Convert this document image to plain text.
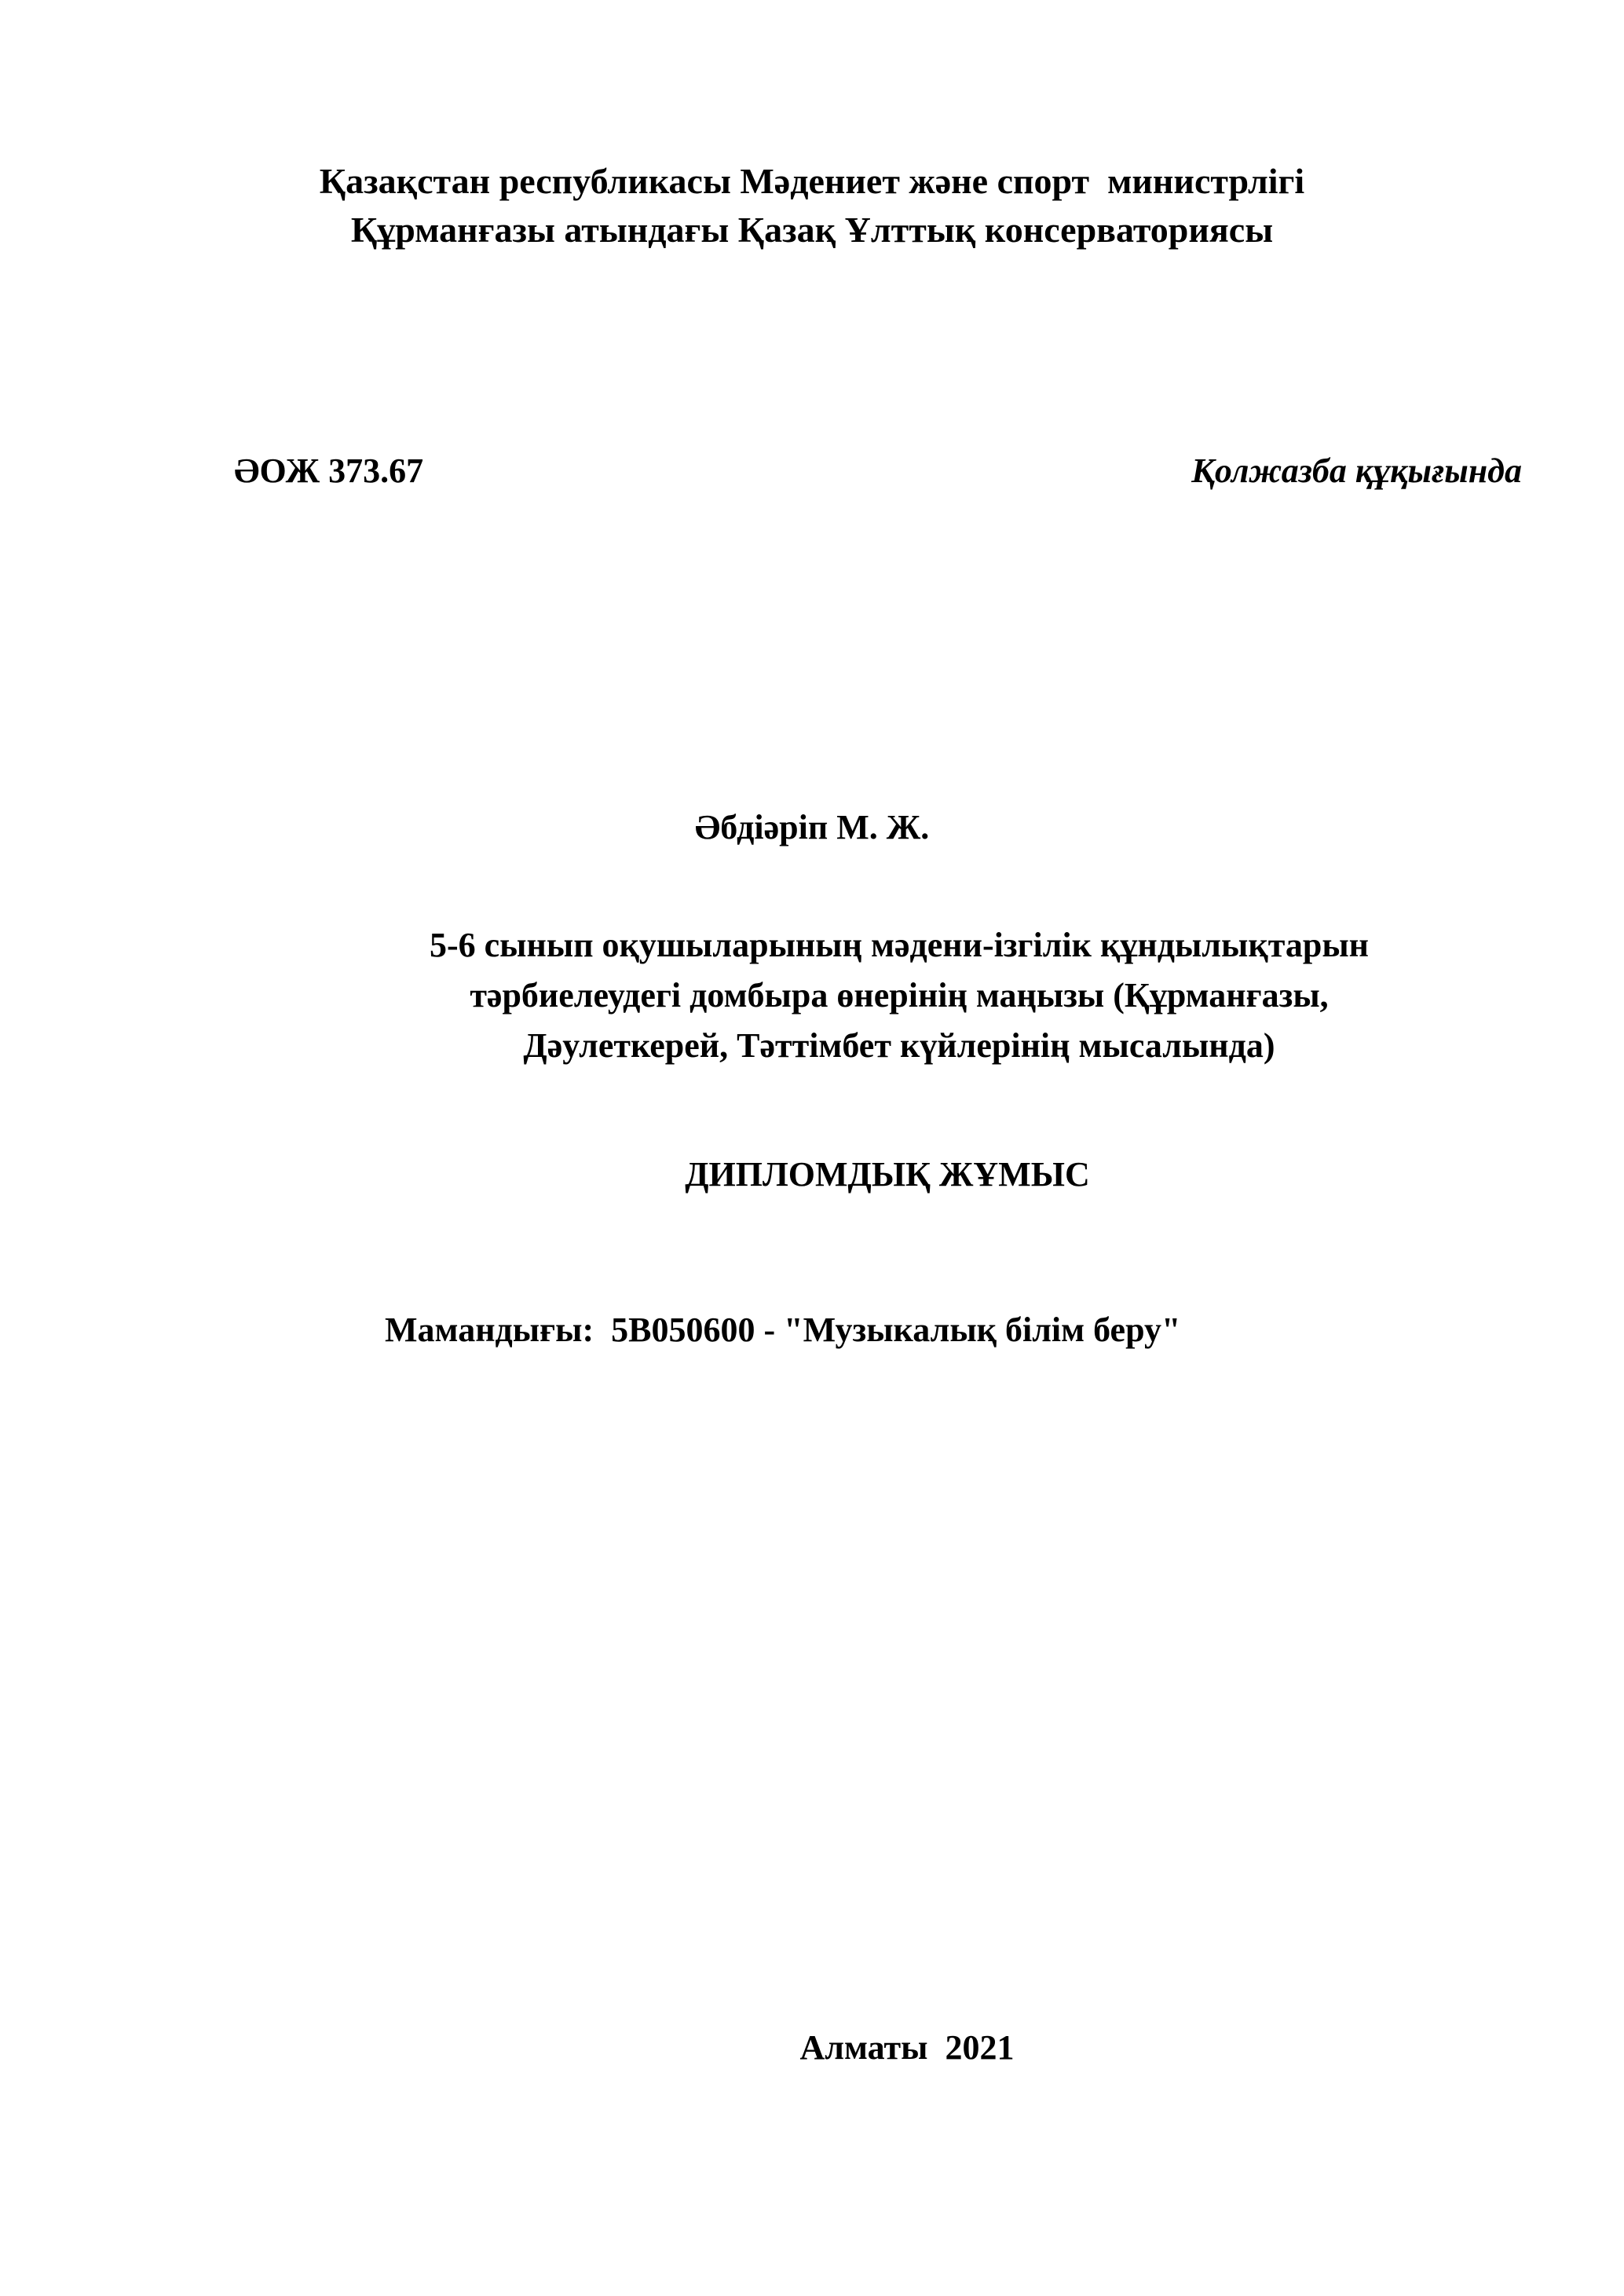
Қазақстан республикасы Мәдениет және спорт  министрлігі
Құрманғазы атындағы Қазақ Ұлттық консерваториясы
ӘОЖ 373.67	Қолжазба құқығында
Әбдіәріп М. Ж.
5-6 сынып оқушыларының мәдени-ізгілік құндылықтарын
тәрбиелеудегі домбыра өнерінің маңызы (Құрманғазы,
Дәулеткерей, Тәттімбет күйлерінің мысалында)
ДИПЛОМДЫҚ ЖҰМЫС
Мамандығы:  5В050600 - "Музыкалық білім беру"
Алматы  2021
